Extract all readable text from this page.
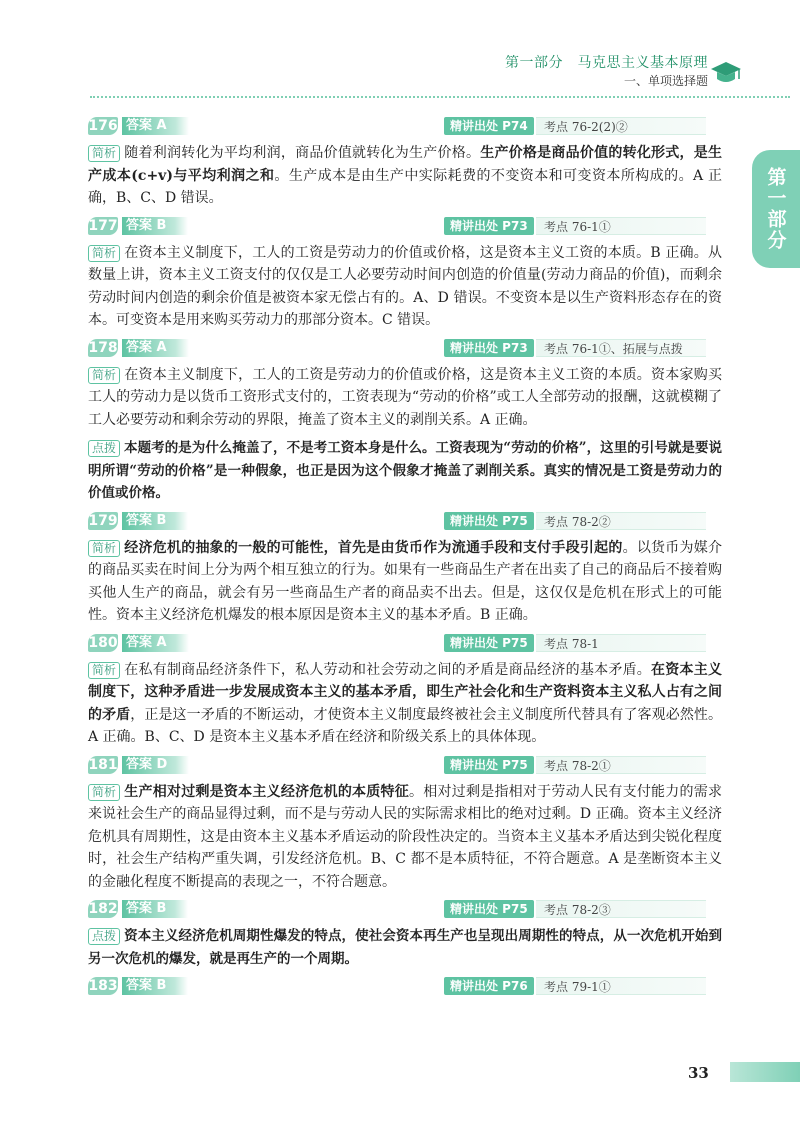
第一部分　马克思主义基本原理
一、单项选择题
第一部分
176 答案 A	精讲出处 P74	考点 76-2(2)②

简析 随着利润转化为平均利润，商品价值就转化为生产价格。生产价格是商品价值的转化形式，是生产成本(c+v)与平均利润之和。生产成本是由生产中实际耗费的不变资本和可变资本所构成的。A 正确，B、C、D 错误。

177 答案 B	精讲出处 P73	考点 76-1①

简析 在资本主义制度下，工人的工资是劳动力的价值或价格，这是资本主义工资的本质。B 正确。从数量上讲，资本主义工资支付的仅仅是工人必要劳动时间内创造的价值量(劳动力商品的价值)，而剩余劳动时间内创造的剩余价值是被资本家无偿占有的。A、D 错误。不变资本是以生产资料形态存在的资本。可变资本是用来购买劳动力的那部分资本。C 错误。

178 答案 A	精讲出处 P73	考点 76-1①、拓展与点拨

简析 在资本主义制度下，工人的工资是劳动力的价值或价格，这是资本主义工资的本质。资本家购买工人的劳动力是以货币工资形式支付的，工资表现为“劳动的价格”或工人全部劳动的报酬，这就模糊了工人必要劳动和剩余劳动的界限，掩盖了资本主义的剥削关系。A 正确。

点拨 本题考的是为什么掩盖了，不是考工资本身是什么。工资表现为“劳动的价格”，这里的引号就是要说明所谓“劳动的价格”是一种假象，也正是因为这个假象才掩盖了剥削关系。真实的情况是工资是劳动力的价值或价格。

179 答案 B	精讲出处 P75	考点 78-2②

简析 经济危机的抽象的一般的可能性，首先是由货币作为流通手段和支付手段引起的。以货币为媒介的商品买卖在时间上分为两个相互独立的行为。如果有一些商品生产者在出卖了自己的商品后不接着购买他人生产的商品，就会有另一些商品生产者的商品卖不出去。但是，这仅仅是危机在形式上的可能性。资本主义经济危机爆发的根本原因是资本主义的基本矛盾。B 正确。

180 答案 A	精讲出处 P75	考点 78-1

简析 在私有制商品经济条件下，私人劳动和社会劳动之间的矛盾是商品经济的基本矛盾。在资本主义制度下，这种矛盾进一步发展成资本主义的基本矛盾，即生产社会化和生产资料资本主义私人占有之间的矛盾，正是这一矛盾的不断运动，才使资本主义制度最终被社会主义制度所代替具有了客观必然性。A 正确。B、C、D 是资本主义基本矛盾在经济和阶级关系上的具体体现。

181 答案 D	精讲出处 P75	考点 78-2①

简析 生产相对过剩是资本主义经济危机的本质特征。相对过剩是指相对于劳动人民有支付能力的需求来说社会生产的商品显得过剩，而不是与劳动人民的实际需求相比的绝对过剩。D 正确。资本主义经济危机具有周期性，这是由资本主义基本矛盾运动的阶段性决定的。当资本主义基本矛盾达到尖锐化程度时，社会生产结构严重失调，引发经济危机。B、C 都不是本质特征，不符合题意。A 是垄断资本主义的金融化程度不断提高的表现之一，不符合题意。

182 答案 B	精讲出处 P75	考点 78-2③

点拨 资本主义经济危机周期性爆发的特点，使社会资本再生产也呈现出周期性的特点，从一次危机开始到另一次危机的爆发，就是再生产的一个周期。

183 答案 B	精讲出处 P76	考点 79-1①
33
